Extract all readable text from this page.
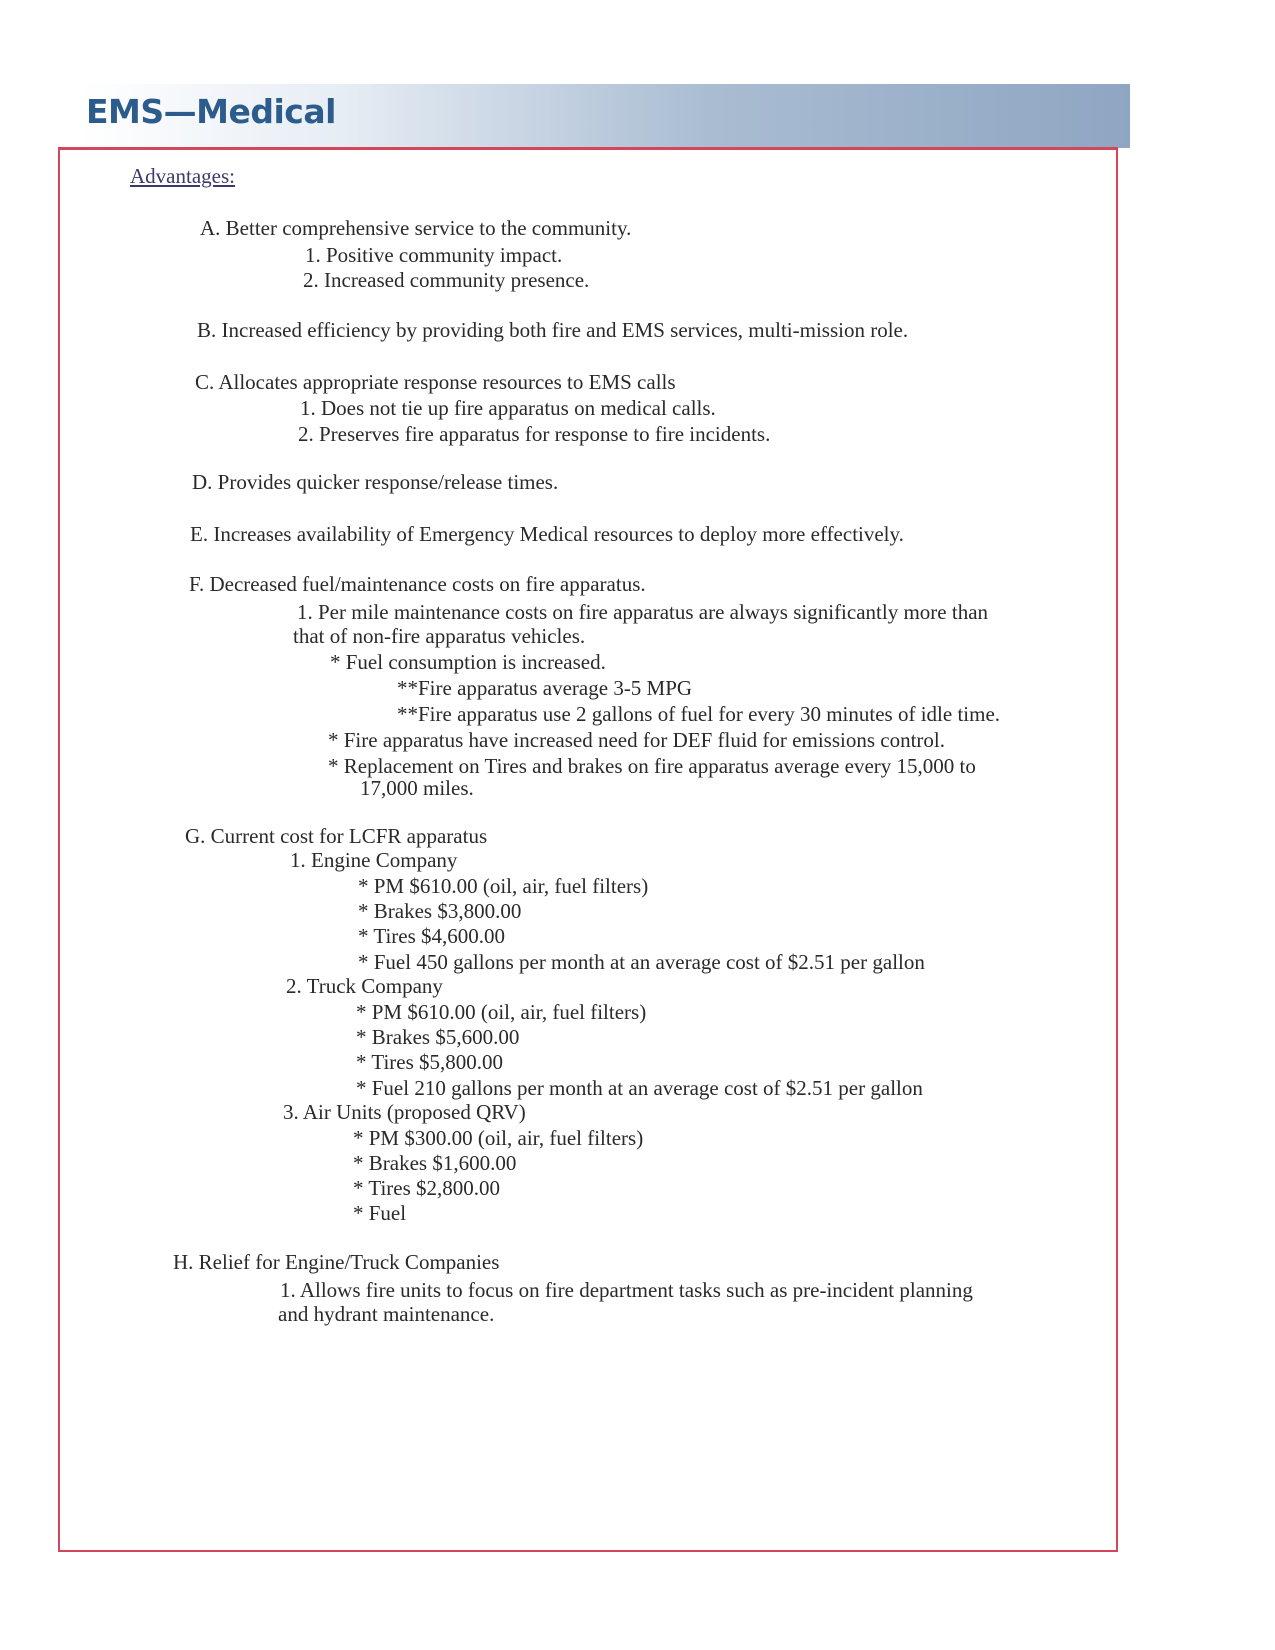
EMS—Medical
Advantages:
A. Better comprehensive service to the community.
1. Positive community impact.
2. Increased community presence.
B. Increased efficiency by providing both fire and EMS services, multi-mission role.
C. Allocates appropriate response resources to EMS calls
1. Does not tie up fire apparatus on medical calls.
2. Preserves fire apparatus for response to fire incidents.
D. Provides quicker response/release times.
E. Increases availability of Emergency Medical resources to deploy more effectively.
F. Decreased fuel/maintenance costs on fire apparatus.
1. Per mile maintenance costs on fire apparatus are always significantly more than
that of non-fire apparatus vehicles.
* Fuel consumption is increased.
**Fire apparatus average 3-5 MPG
**Fire apparatus use 2 gallons of fuel for every 30 minutes of idle time.
* Fire apparatus have increased need for DEF fluid for emissions control.
* Replacement on Tires and brakes on fire apparatus average every 15,000 to
17,000 miles.
G. Current cost for LCFR apparatus
1. Engine Company
* PM $610.00 (oil, air, fuel filters)
* Brakes $3,800.00
* Tires $4,600.00
* Fuel 450 gallons per month at an average cost of $2.51 per gallon
2. Truck Company
* PM $610.00 (oil, air, fuel filters)
* Brakes $5,600.00
* Tires $5,800.00
* Fuel 210 gallons per month at an average cost of $2.51 per gallon
3. Air Units (proposed QRV)
* PM $300.00 (oil, air, fuel filters)
* Brakes $1,600.00
* Tires $2,800.00
* Fuel
H. Relief for Engine/Truck Companies
1. Allows fire units to focus on fire department tasks such as pre-incident planning
and hydrant maintenance.
